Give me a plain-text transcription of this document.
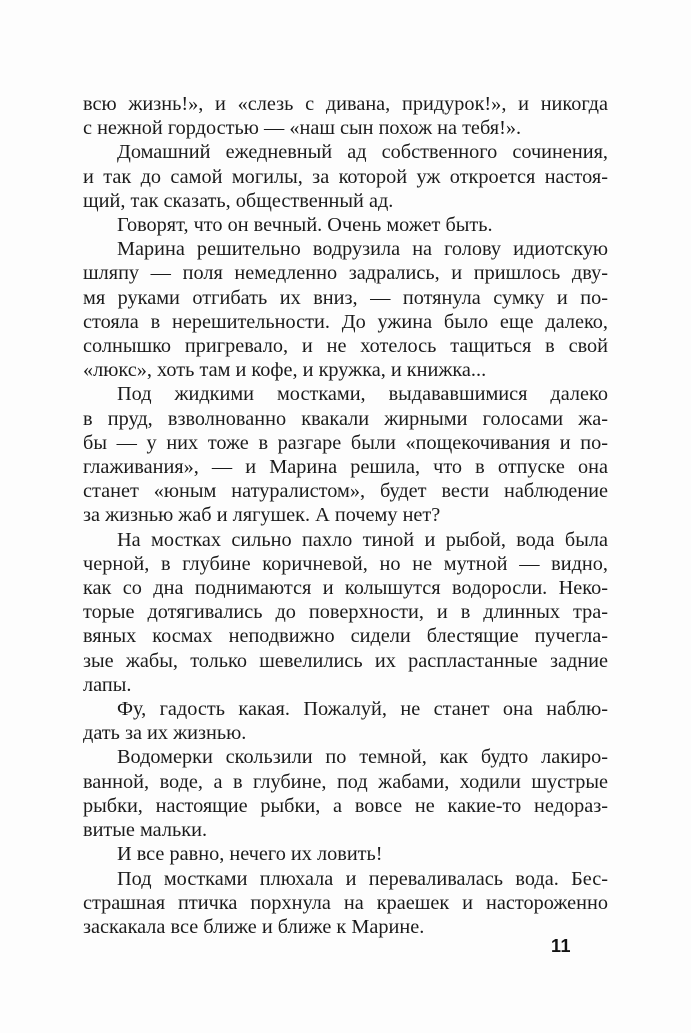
всю жизнь!», и «слезь с дивана, придурок!», и никогда
с нежной гордостью — «наш сын похож на тебя!».

Домашний ежедневный ад собственного сочинения,
и так до самой могилы, за которой уж откроется настоя-
щий, так сказать, общественный ад.

Говорят, что он вечный. Очень может быть.

Марина решительно водрузила на голову идиотскую
шляпу — поля немедленно задрались, и пришлось дву-
мя руками отгибать их вниз, — потянула сумку и по-
стояла в нерешительности. До ужина было еще далеко,
солнышко пригревало, и не хотелось тащиться в свой
«люкс», хоть там и кофе, и кружка, и книжка...

Под жидкими мостками, выдававшимися далеко
в пруд, взволнованно квакали жирными голосами жа-
бы — у них тоже в разгаре были «пощекочивания и по-
глаживания», — и Марина решила, что в отпуске она
станет «юным натуралистом», будет вести наблюдение
за жизнью жаб и лягушек. А почему нет?

На мостках сильно пахло тиной и рыбой, вода была
черной, в глубине коричневой, но не мутной — видно,
как со дна поднимаются и колышутся водоросли. Неко-
торые дотягивались до поверхности, и в длинных тра-
вяных космах неподвижно сидели блестящие пучегла-
зые жабы, только шевелились их распластанные задние
лапы.

Фу, гадость какая. Пожалуй, не станет она наблю-
дать за их жизнью.

Водомерки скользили по темной, как будто лакиро-
ванной, воде, а в глубине, под жабами, ходили шустрые
рыбки, настоящие рыбки, а вовсе не какие-то недораз-
витые мальки.

И все равно, нечего их ловить!

Под мостками плюхала и переваливалась вода. Бес-
страшная птичка порхнула на краешек и настороженно
заскакала все ближе и ближе к Марине.

11
